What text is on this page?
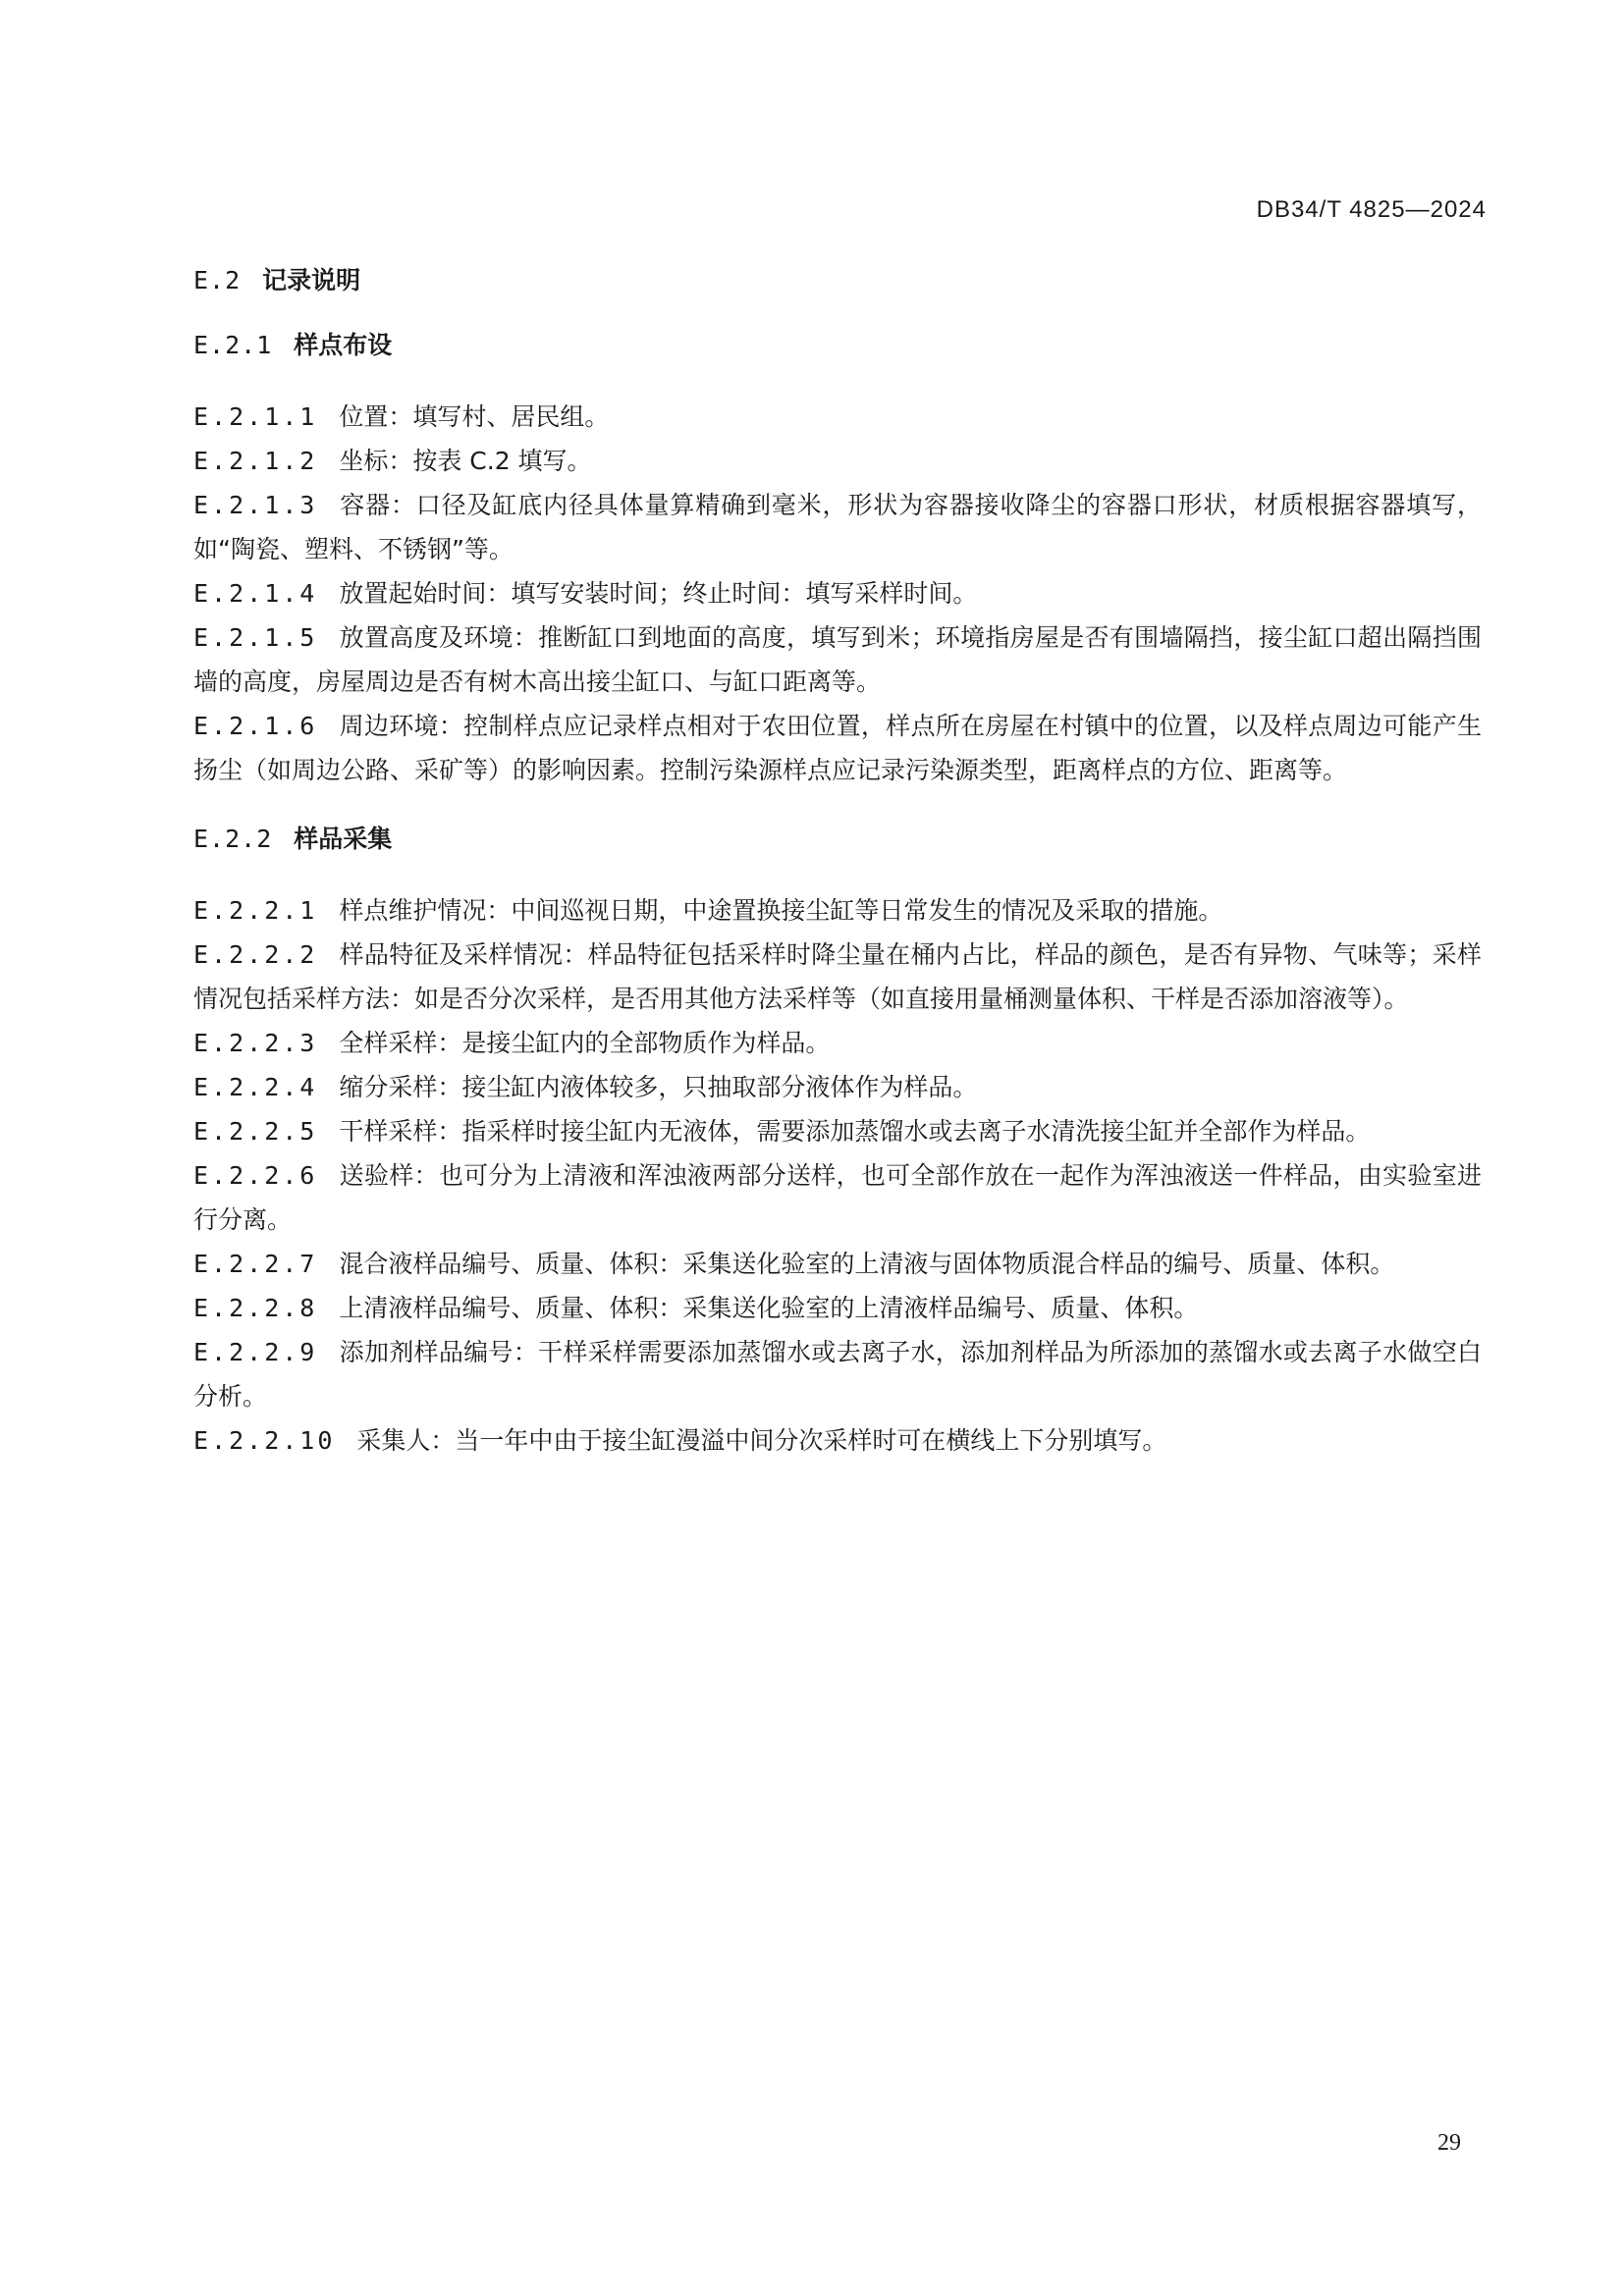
DB34/T 4825—2024
E.2 记录说明
E.2.1 样点布设

E.2.1.1 位置：填写村、居民组。

E.2.1.2 坐标：按表 C.2 填写。

E.2.1.3 容器：口径及缸底内径具体量算精确到毫米，形状为容器接收降尘的容器口形状，材质根据容器填写，如“陶瓷、塑料、不锈钢”等。

E.2.1.4 放置起始时间：填写安装时间；终止时间：填写采样时间。

E.2.1.5 放置高度及环境：推断缸口到地面的高度，填写到米；环境指房屋是否有围墙隔挡，接尘缸口超出隔挡围墙的高度，房屋周边是否有树木高出接尘缸口、与缸口距离等。

E.2.1.6 周边环境：控制样点应记录样点相对于农田位置，样点所在房屋在村镇中的位置，以及样点周边可能产生扬尘（如周边公路、采矿等）的影响因素。控制污染源样点应记录污染源类型，距离样点的方位、距离等。

E.2.2 样品采集

E.2.2.1 样点维护情况：中间巡视日期，中途置换接尘缸等日常发生的情况及采取的措施。

E.2.2.2 样品特征及采样情况：样品特征包括采样时降尘量在桶内占比，样品的颜色，是否有异物、气味等；采样情况包括采样方法：如是否分次采样，是否用其他方法采样等（如直接用量桶测量体积、干样是否添加溶液等）。

E.2.2.3 全样采样：是接尘缸内的全部物质作为样品。

E.2.2.4 缩分采样：接尘缸内液体较多，只抽取部分液体作为样品。

E.2.2.5 干样采样：指采样时接尘缸内无液体，需要添加蒸馏水或去离子水清洗接尘缸并全部作为样品。

E.2.2.6 送验样：也可分为上清液和浑浊液两部分送样，也可全部作放在一起作为浑浊液送一件样品，由实验室进行分离。

E.2.2.7 混合液样品编号、质量、体积：采集送化验室的上清液与固体物质混合样品的编号、质量、体积。

E.2.2.8 上清液样品编号、质量、体积：采集送化验室的上清液样品编号、质量、体积。

E.2.2.9 添加剂样品编号：干样采样需要添加蒸馏水或去离子水，添加剂样品为所添加的蒸馏水或去离子水做空白分析。

E.2.2.10 采集人：当一年中由于接尘缸漫溢中间分次采样时可在横线上下分别填写。

29
